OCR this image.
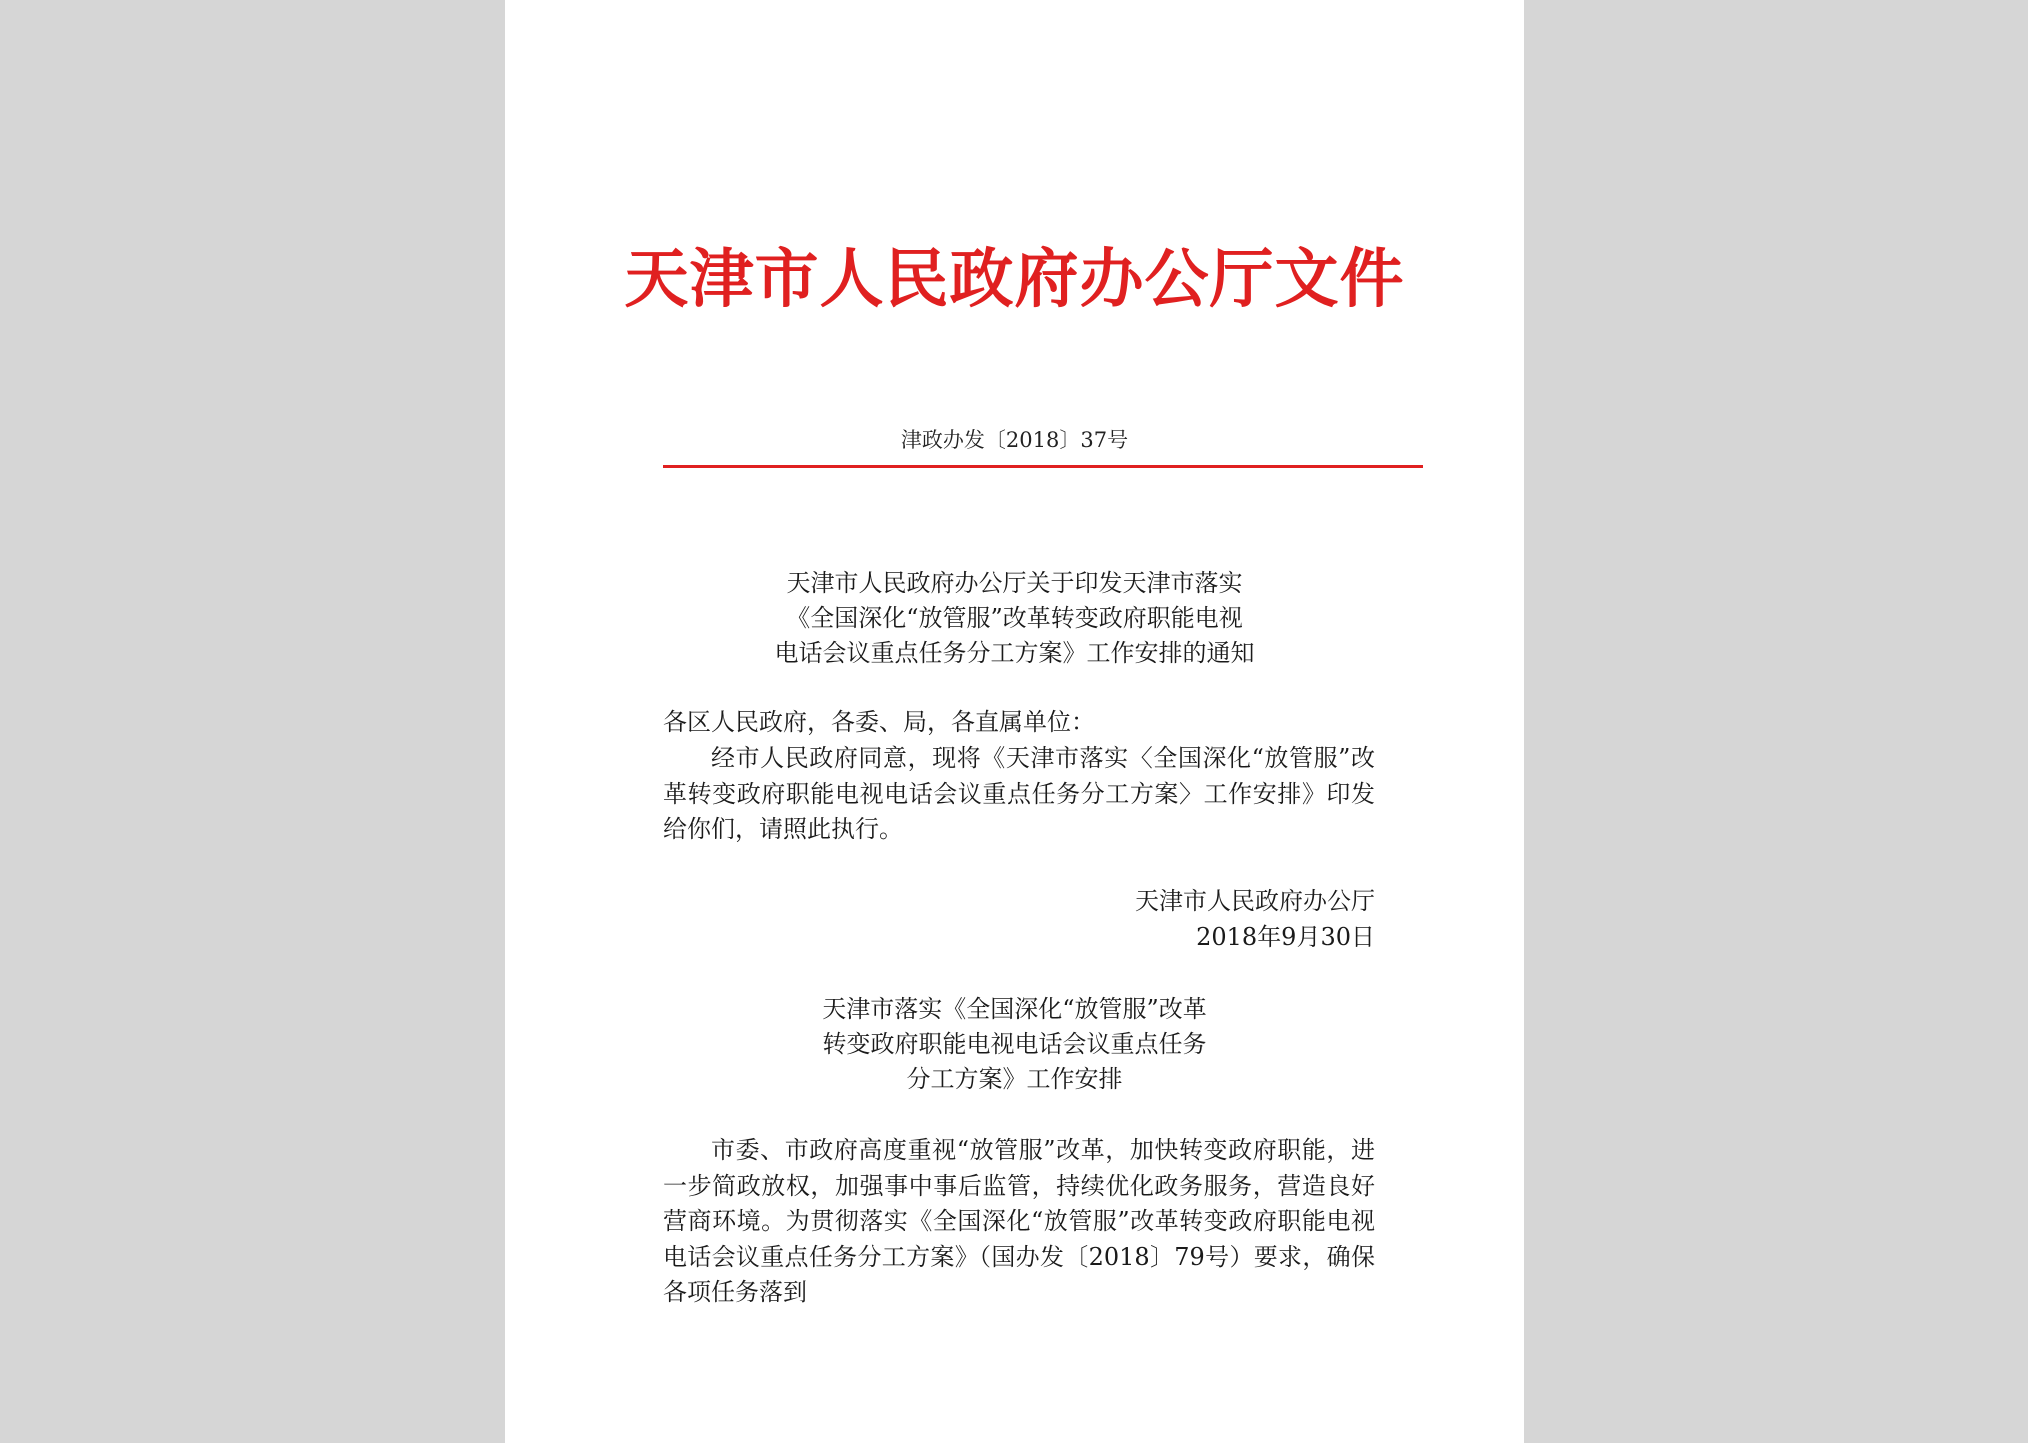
天津市人民政府办公厅文件
津政办发〔2018〕37号
天津市人民政府办公厅关于印发天津市落实
《全国深化“放管服”改革转变政府职能电视
电话会议重点任务分工方案》工作安排的通知
各区人民政府，各委、局，各直属单位：
经市人民政府同意，现将《天津市落实〈全国深化“放管服”改革转变政府职能电视电话会议重点任务分工方案〉工作安排》印发给你们，请照此执行。
天津市人民政府办公厅
2018年9月30日
天津市落实《全国深化“放管服”改革
转变政府职能电视电话会议重点任务
分工方案》工作安排
市委、市政府高度重视“放管服”改革，加快转变政府职能，进一步简政放权，加强事中事后监管，持续优化政务服务，营造良好营商环境。为贯彻落实《全国深化“放管服”改革转变政府职能电视电话会议重点任务分工方案》（国办发〔2018〕79号）要求，确保各项任务落到
